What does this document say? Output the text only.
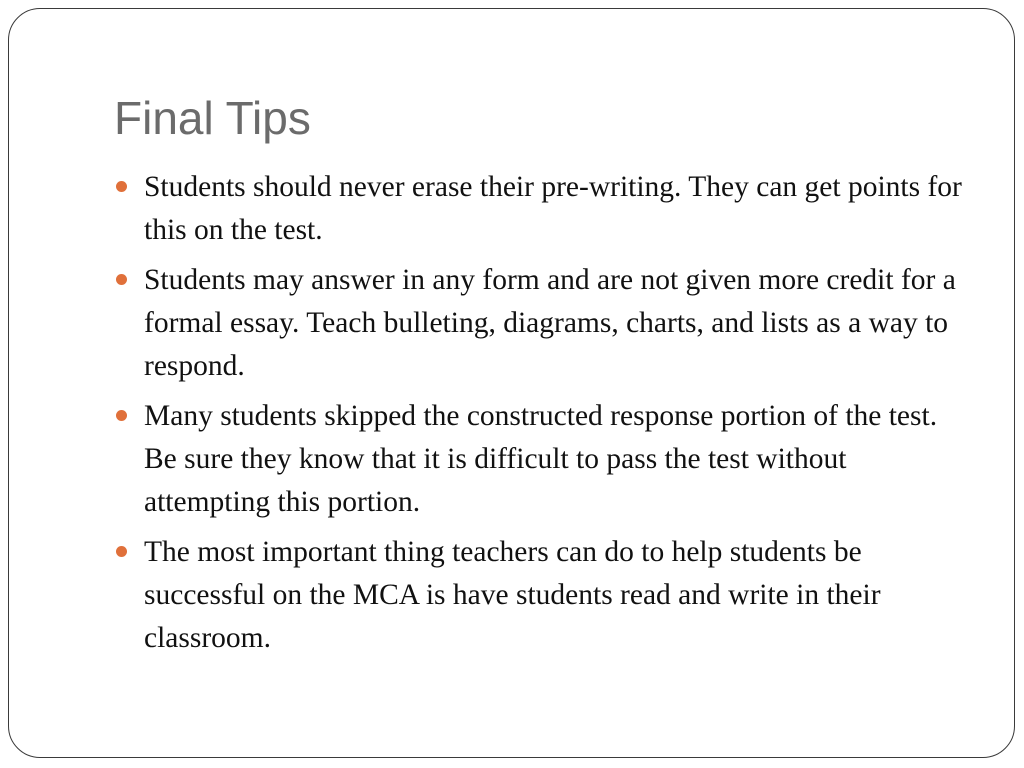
Final Tips
Students should never erase their pre-writing. They can get points for this on the test.
Students may answer in any form and are not given more credit for a formal essay. Teach bulleting, diagrams, charts, and lists as a way to respond.
Many students skipped the constructed response portion of the test. Be sure they know that it is difficult to pass the test without attempting this portion.
The most important thing teachers can do to help students be successful on the MCA is have students read and write in their classroom.
